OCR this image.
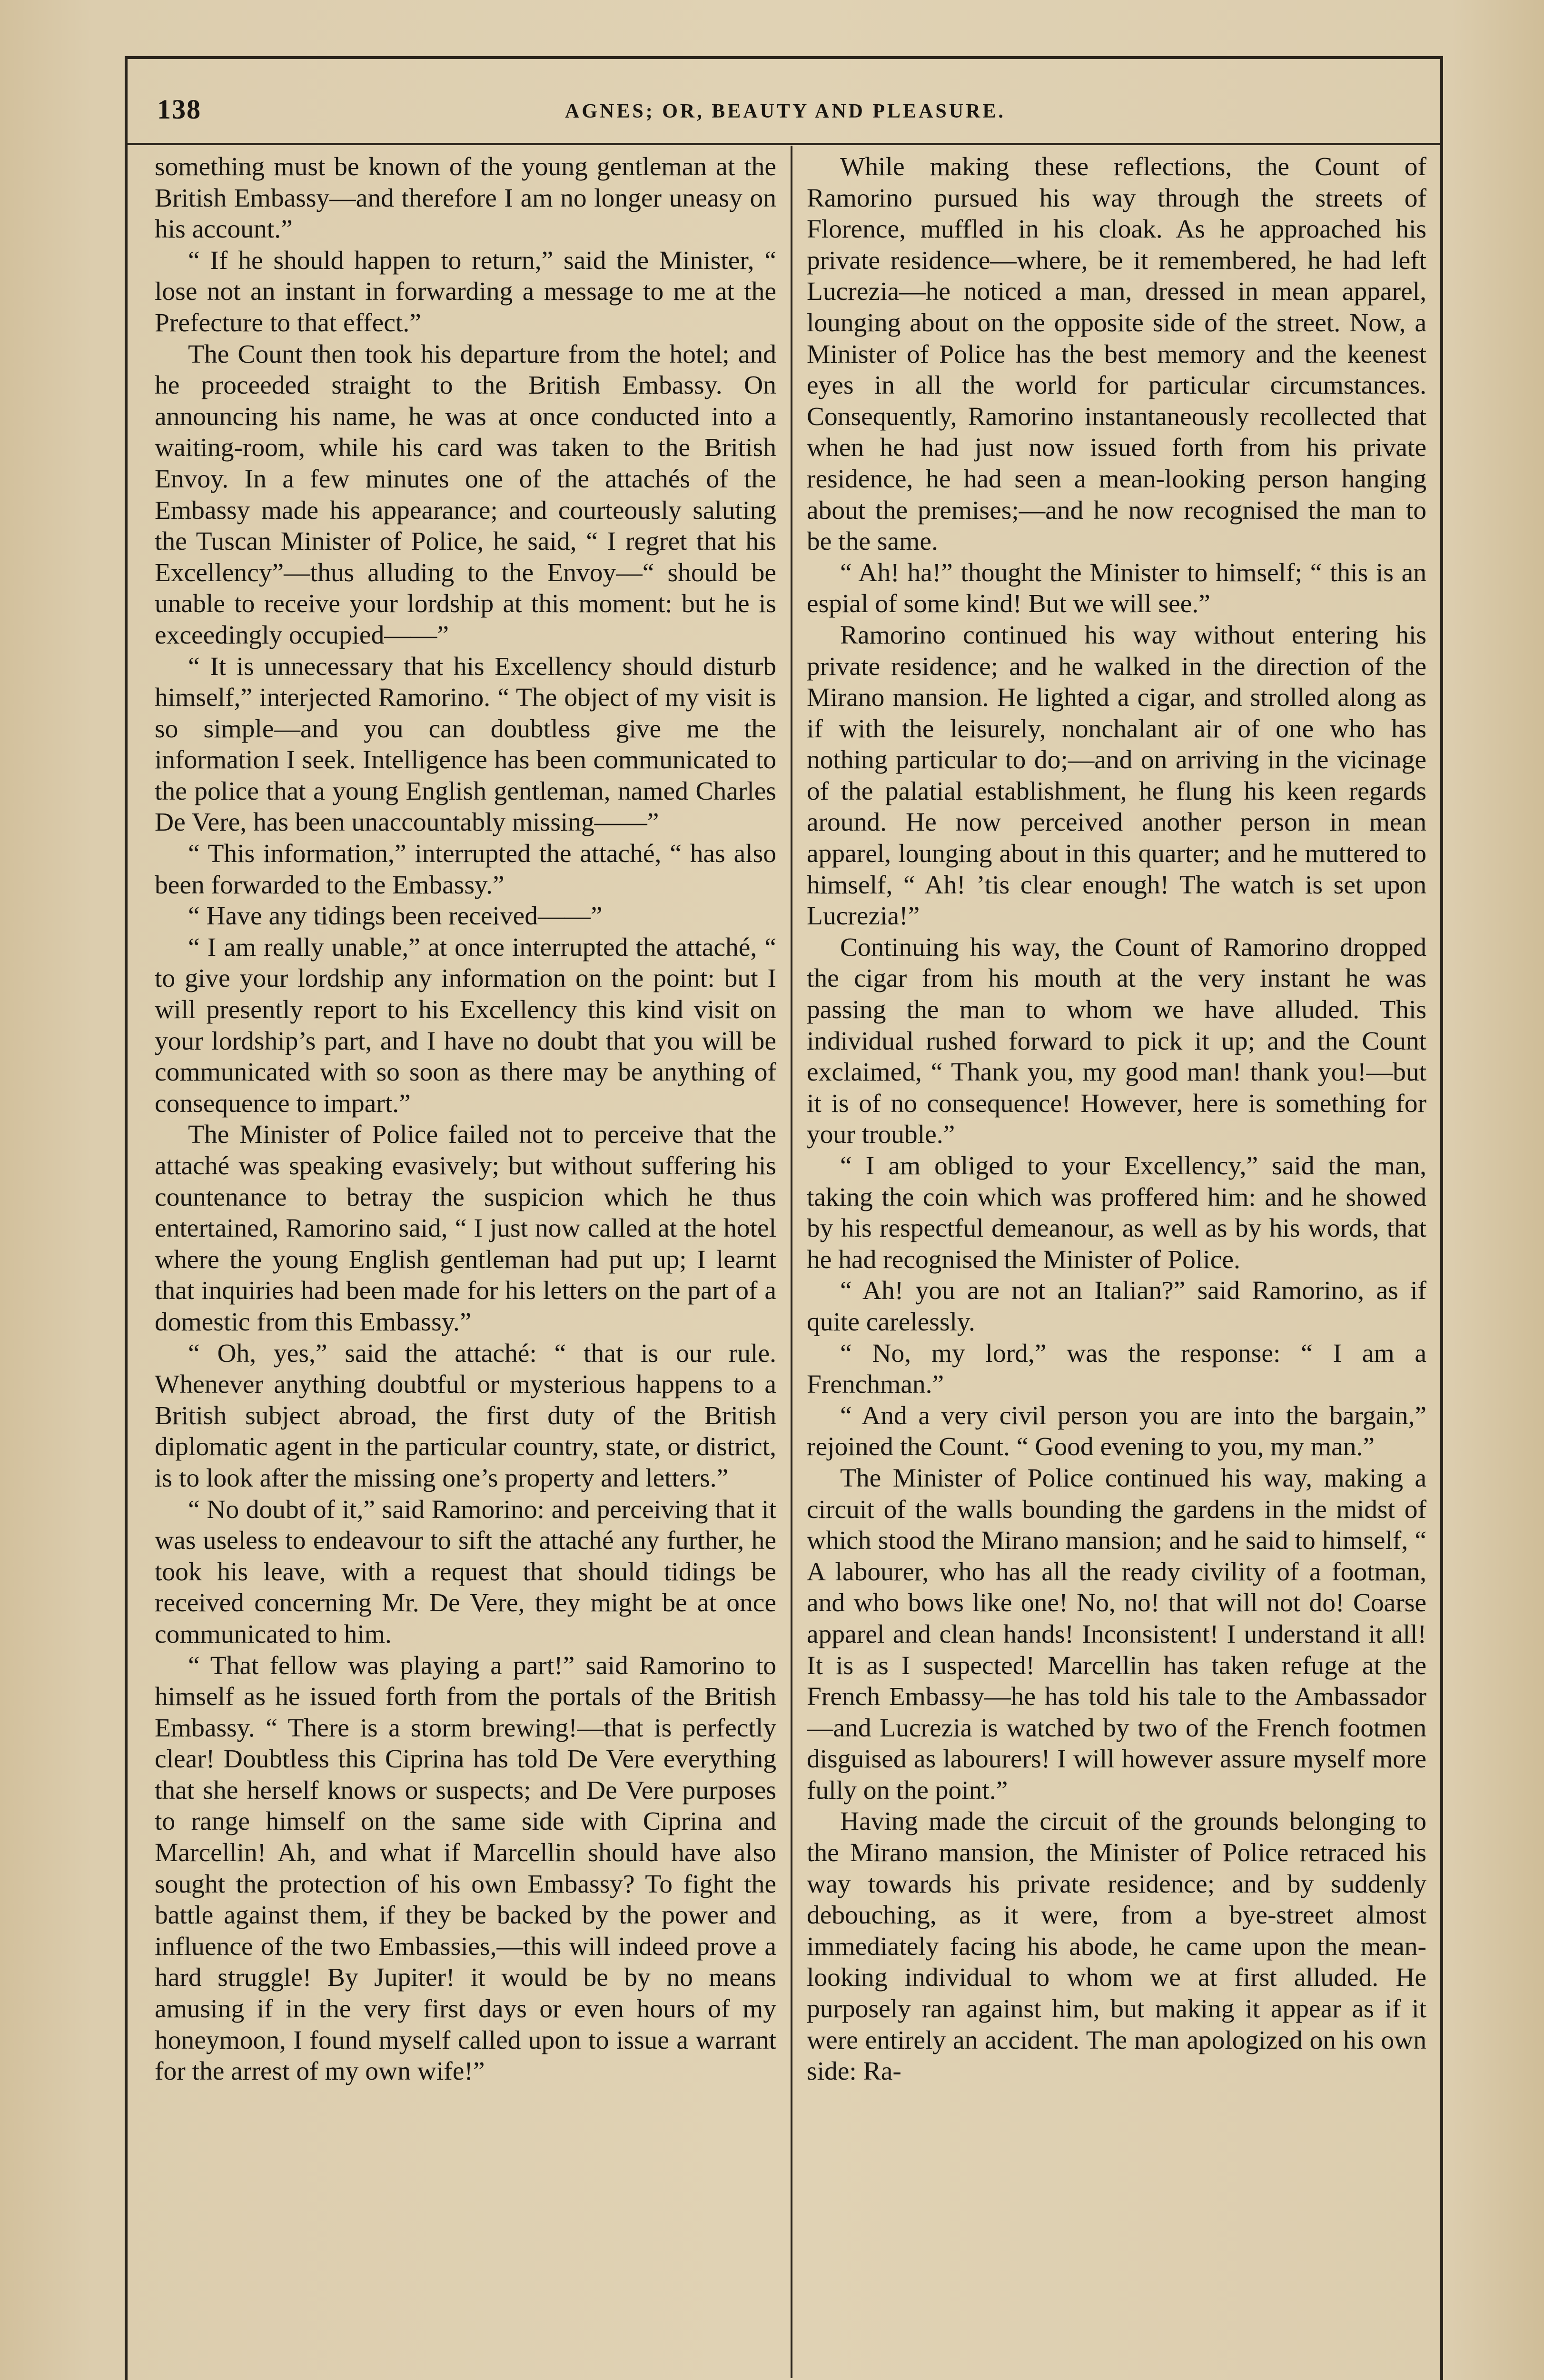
138	AGNES; OR, BEAUTY AND PLEASURE.

something must be known of the young gentleman at the British Embassy—and therefore I am no longer uneasy on his account.”

“ If he should happen to return,” said the Minister, “ lose not an instant in forwarding a message to me at the Prefecture to that effect.”

The Count then took his departure from the hotel; and he proceeded straight to the British Embassy. On announcing his name, he was at once conducted into a waiting-room, while his card was taken to the British Envoy. In a few minutes one of the attachés of the Embassy made his appearance; and courteously saluting the Tuscan Minister of Police, he said, “ I regret that his Excellency”—thus alluding to the Envoy—“ should be unable to receive your lordship at this moment: but he is exceedingly occupied——”

“ It is unnecessary that his Excellency should disturb himself,” interjected Ramorino. “ The object of my visit is so simple—and you can doubtless give me the information I seek. Intelligence has been communicated to the police that a young English gentleman, named Charles De Vere, has been unaccountably missing——”

“ This information,” interrupted the attaché, “ has also been forwarded to the Embassy.”

“ Have any tidings been received——”

“ I am really unable,” at once interrupted the attaché, “ to give your lordship any information on the point: but I will presently report to his Excellency this kind visit on your lordship’s part, and I have no doubt that you will be communicated with so soon as there may be anything of consequence to impart.”

The Minister of Police failed not to perceive that the attaché was speaking evasively; but without suffering his countenance to betray the suspicion which he thus entertained, Ramorino said, “ I just now called at the hotel where the young English gentleman had put up; I learnt that inquiries had been made for his letters on the part of a domestic from this Embassy.”

“ Oh, yes,” said the attaché: “ that is our rule. Whenever anything doubtful or mysterious happens to a British subject abroad, the first duty of the British diplomatic agent in the particular country, state, or district, is to look after the missing one’s property and letters.”

“ No doubt of it,” said Ramorino: and perceiving that it was useless to endeavour to sift the attaché any further, he took his leave, with a request that should tidings be received concerning Mr. De Vere, they might be at once communicated to him.

“ That fellow was playing a part!” said Ramorino to himself as he issued forth from the portals of the British Embassy. “ There is a storm brewing!—that is perfectly clear! Doubtless this Ciprina has told De Vere everything that she herself knows or suspects; and De Vere purposes to range himself on the same side with Ciprina and Marcellin! Ah, and what if Marcellin should have also sought the protection of his own Embassy? To fight the battle against them, if they be backed by the power and influence of the two Embassies,—this will indeed prove a hard struggle! By Jupiter! it would be by no means amusing if in the very first days or even hours of my honeymoon, I found myself called upon to issue a warrant for the arrest of my own wife!”

While making these reflections, the Count of Ramorino pursued his way through the streets of Florence, muffled in his cloak. As he approached his private residence—where, be it remembered, he had left Lucrezia—he noticed a man, dressed in mean apparel, lounging about on the opposite side of the street. Now, a Minister of Police has the best memory and the keenest eyes in all the world for particular circumstances. Consequently, Ramorino instantaneously recollected that when he had just now issued forth from his private residence, he had seen a mean-looking person hanging about the premises;—and he now recognised the man to be the same.

“ Ah! ha!” thought the Minister to himself; “ this is an espial of some kind! But we will see.”

Ramorino continued his way without entering his private residence; and he walked in the direction of the Mirano mansion. He lighted a cigar, and strolled along as if with the leisurely, nonchalant air of one who has nothing particular to do;—and on arriving in the vicinage of the palatial establishment, he flung his keen regards around. He now perceived another person in mean apparel, lounging about in this quarter; and he muttered to himself, “ Ah! ’tis clear enough! The watch is set upon Lucrezia!”

Continuing his way, the Count of Ramorino dropped the cigar from his mouth at the very instant he was passing the man to whom we have alluded. This individual rushed forward to pick it up; and the Count exclaimed, “ Thank you, my good man! thank you!—but it is of no consequence! However, here is something for your trouble.”

“ I am obliged to your Excellency,” said the man, taking the coin which was proffered him: and he showed by his respectful demeanour, as well as by his words, that he had recognised the Minister of Police.

“ Ah! you are not an Italian?” said Ramorino, as if quite carelessly.

“ No, my lord,” was the response: “ I am a Frenchman.”

“ And a very civil person you are into the bargain,” rejoined the Count. “ Good evening to you, my man.”

The Minister of Police continued his way, making a circuit of the walls bounding the gardens in the midst of which stood the Mirano mansion; and he said to himself, “ A labourer, who has all the ready civility of a footman, and who bows like one! No, no! that will not do! Coarse apparel and clean hands! Inconsistent! I understand it all! It is as I suspected! Marcellin has taken refuge at the French Embassy—he has told his tale to the Ambassador—and Lucrezia is watched by two of the French footmen disguised as labourers! I will however assure myself more fully on the point.”

Having made the circuit of the grounds belonging to the Mirano mansion, the Minister of Police retraced his way towards his private residence; and by suddenly debouching, as it were, from a bye-street almost immediately facing his abode, he came upon the mean-looking individual to whom we at first alluded. He purposely ran against him, but making it appear as if it were entirely an accident. The man apologized on his own side: Ra-
